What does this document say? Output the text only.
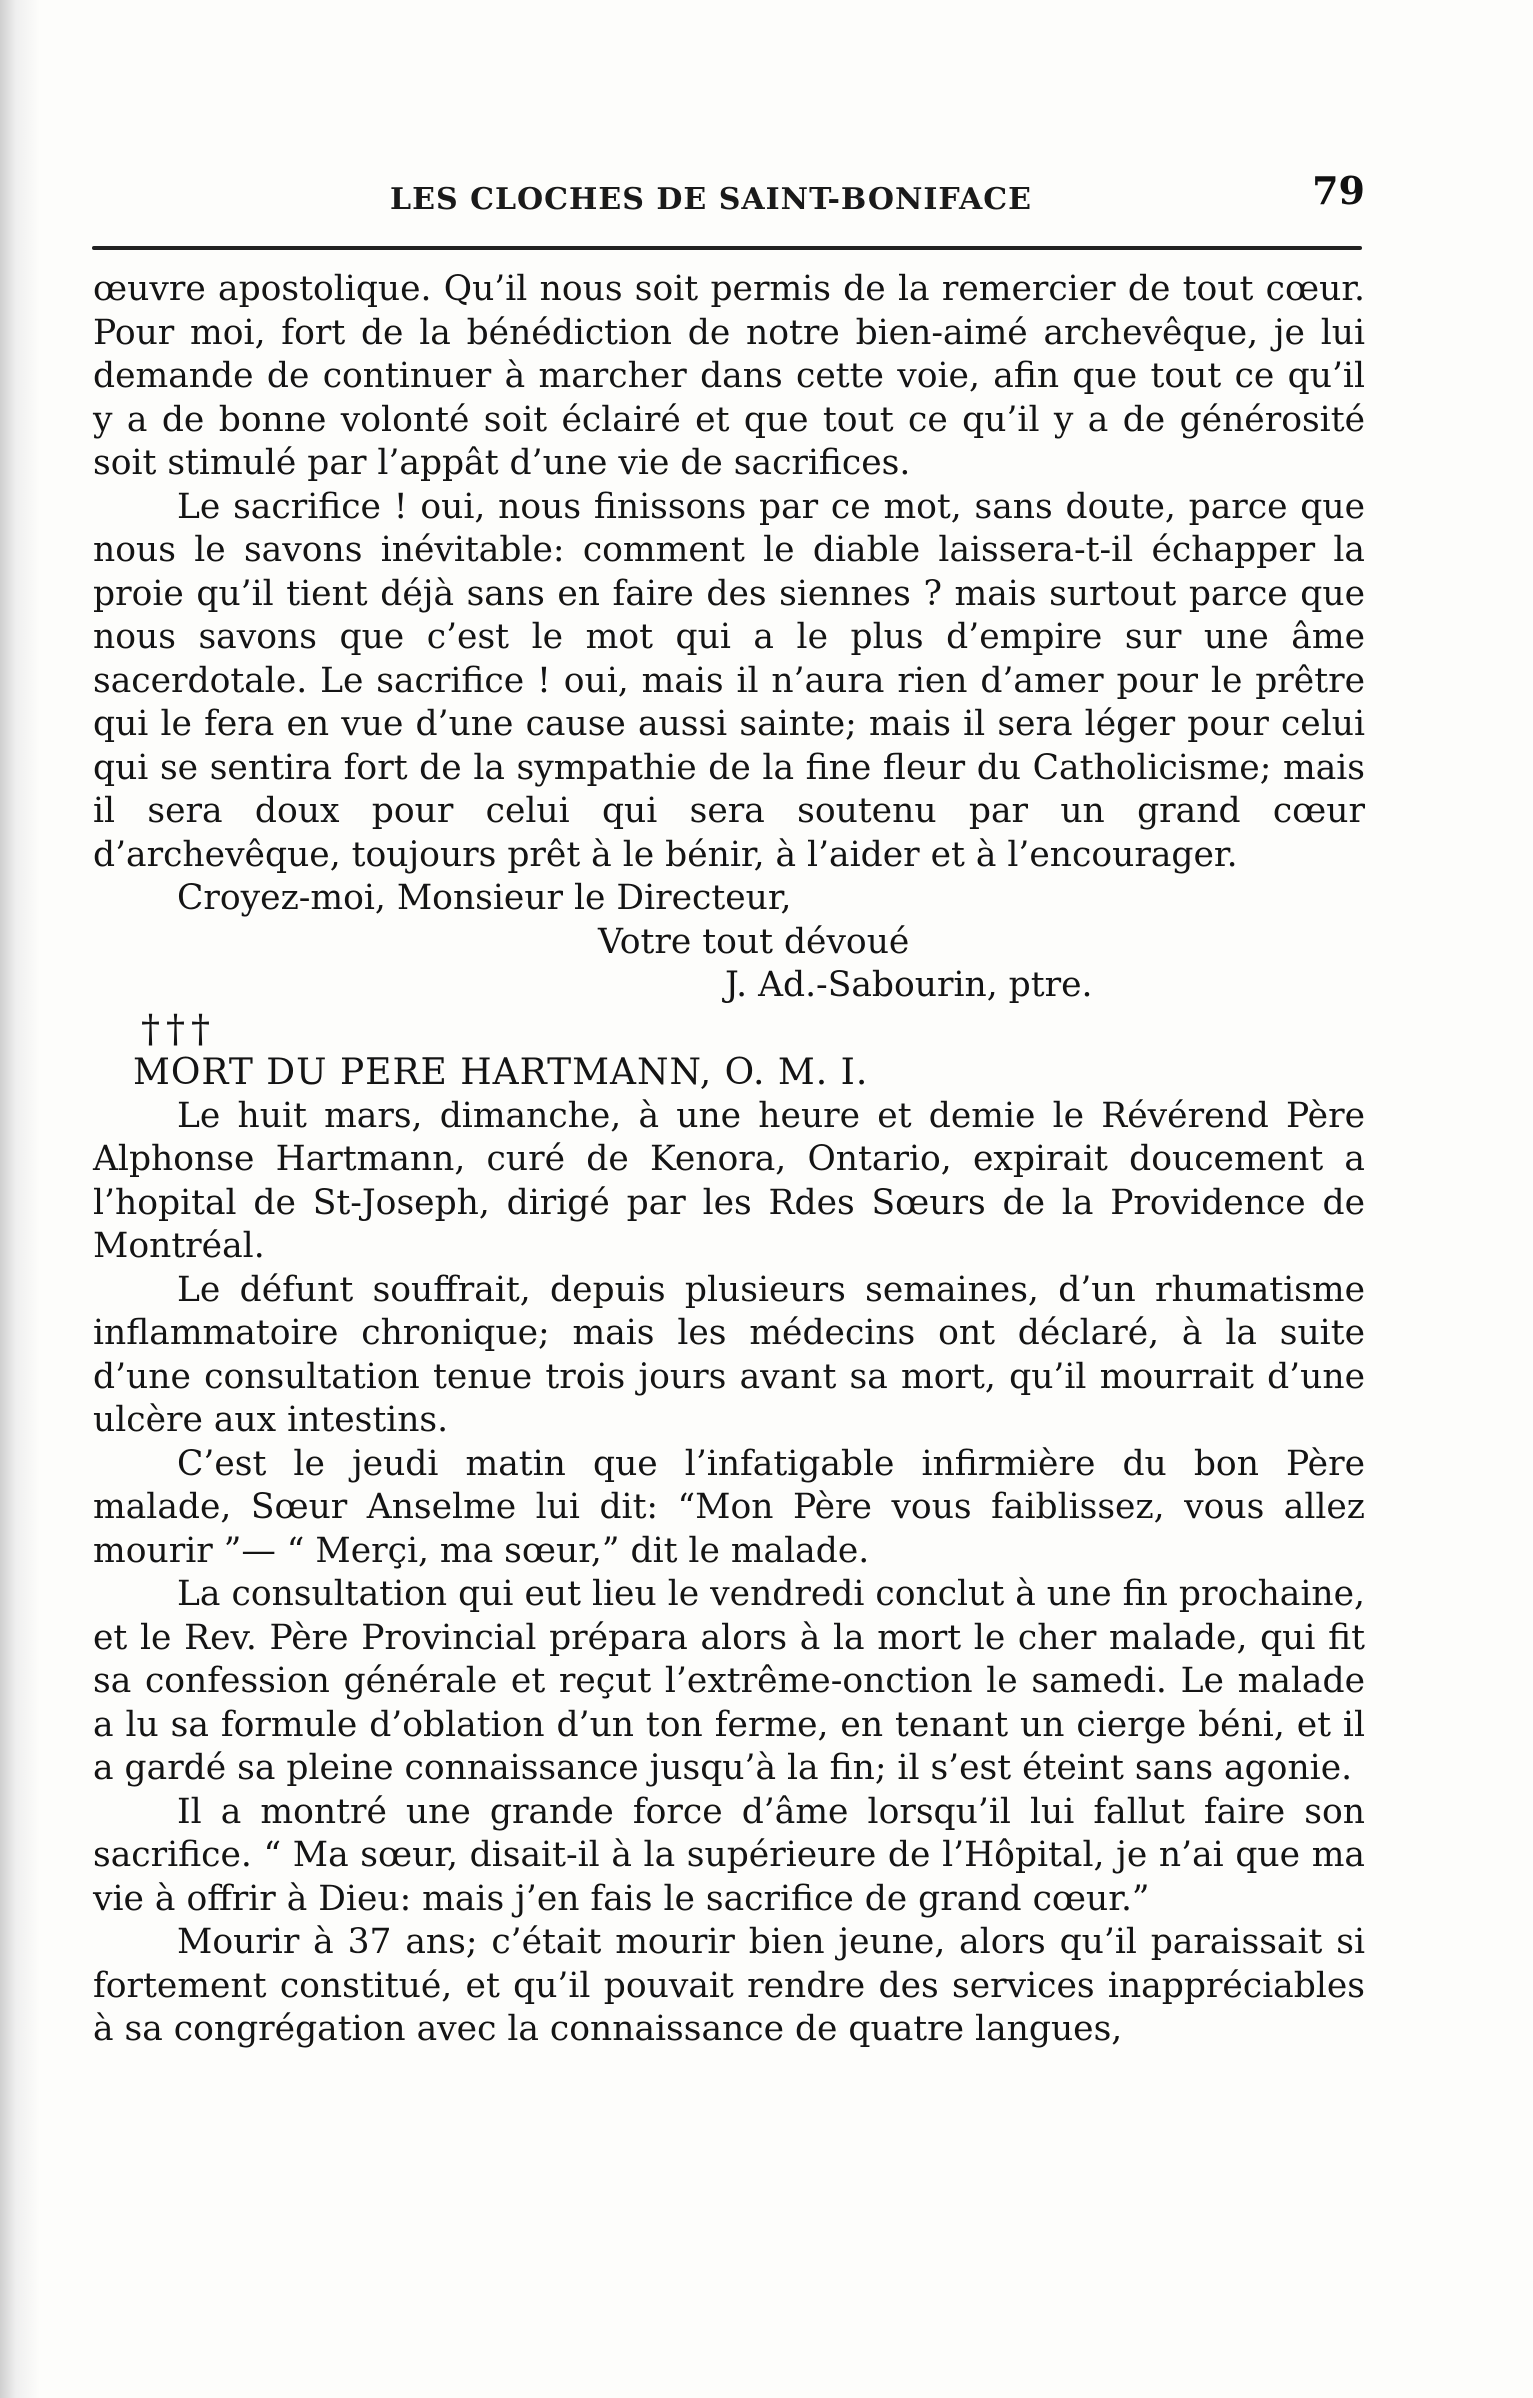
LES CLOCHES DE SAINT-BONIFACE	79

œuvre apostolique. Qu’il nous soit permis de la remercier de tout cœur. Pour moi, fort de la bénédiction de notre bien-aimé archevêque, je lui demande de continuer à marcher dans cette voie, afin que tout ce qu’il y a de bonne volonté soit éclairé et que tout ce qu’il y a de générosité soit stimulé par l’appât d’une vie de sacrifices.

Le sacrifice ! oui, nous finissons par ce mot, sans doute, parce que nous le savons inévitable: comment le diable laissera-t-il échapper la proie qu’il tient déjà sans en faire des siennes ? mais surtout parce que nous savons que c’est le mot qui a le plus d’empire sur une âme sacerdotale. Le sacrifice ! oui, mais il n’aura rien d’amer pour le prêtre qui le fera en vue d’une cause aussi sainte; mais il sera léger pour celui qui se sentira fort de la sympathie de la fine fleur du Catholicisme; mais il sera doux pour celui qui sera soutenu par un grand cœur d’archevêque, toujours prêt à le bénir, à l’aider et à l’encourager.

Croyez-moi, Monsieur le Directeur,

Votre tout dévoué

J. Ad.-Sabourin, ptre.

†††

MORT DU PERE HARTMANN, O. M. I.

Le huit mars, dimanche, à une heure et demie le Révérend Père Alphonse Hartmann, curé de Kenora, Ontario, expirait doucement a l’hopital de St-Joseph, dirigé par les Rdes Sœurs de la Providence de Montréal.

Le défunt souffrait, depuis plusieurs semaines, d’un rhumatisme inflammatoire chronique; mais les médecins ont déclaré, à la suite d’une consultation tenue trois jours avant sa mort, qu’il mourrait d’une ulcère aux intestins.

C’est le jeudi matin que l’infatigable infirmière du bon Père malade, Sœur Anselme lui dit: “Mon Père vous faiblissez, vous allez mourir ”— “ Merçi, ma sœur,” dit le malade.

La consultation qui eut lieu le vendredi conclut à une fin prochaine, et le Rev. Père Provincial prépara alors à la mort le cher malade, qui fit sa confession générale et reçut l’extrême-onction le samedi. Le malade a lu sa formule d’oblation d’un ton ferme, en tenant un cierge béni, et il a gardé sa pleine connaissance jusqu’à la fin; il s’est éteint sans agonie.

Il a montré une grande force d’âme lorsqu’il lui fallut faire son sacrifice. “ Ma sœur, disait-il à la supérieure de l’Hôpital, je n’ai que ma vie à offrir à Dieu: mais j’en fais le sacrifice de grand cœur.”

Mourir à 37 ans; c’était mourir bien jeune, alors qu’il paraissait si fortement constitué, et qu’il pouvait rendre des services inappréciables à sa congrégation avec la connaissance de quatre langues,
